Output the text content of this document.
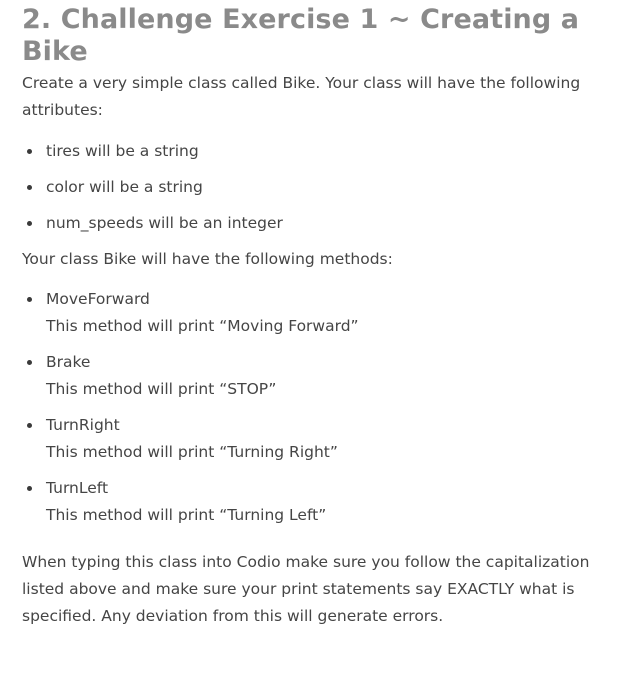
2. Challenge Exercise 1 ~ Creating a Bike

Create a very simple class called Bike. Your class will have the following attributes:

tires will be a string
color will be a string
num_speeds will be an integer

Your class Bike will have the following methods:

MoveForward
This method will print “Moving Forward”
Brake
This method will print “STOP”
TurnRight
This method will print “Turning Right”
TurnLeft
This method will print “Turning Left”

When typing this class into Codio make sure you follow the capitalization listed above and make sure your print statements say EXACTLY what is specified. Any deviation from this will generate errors.
